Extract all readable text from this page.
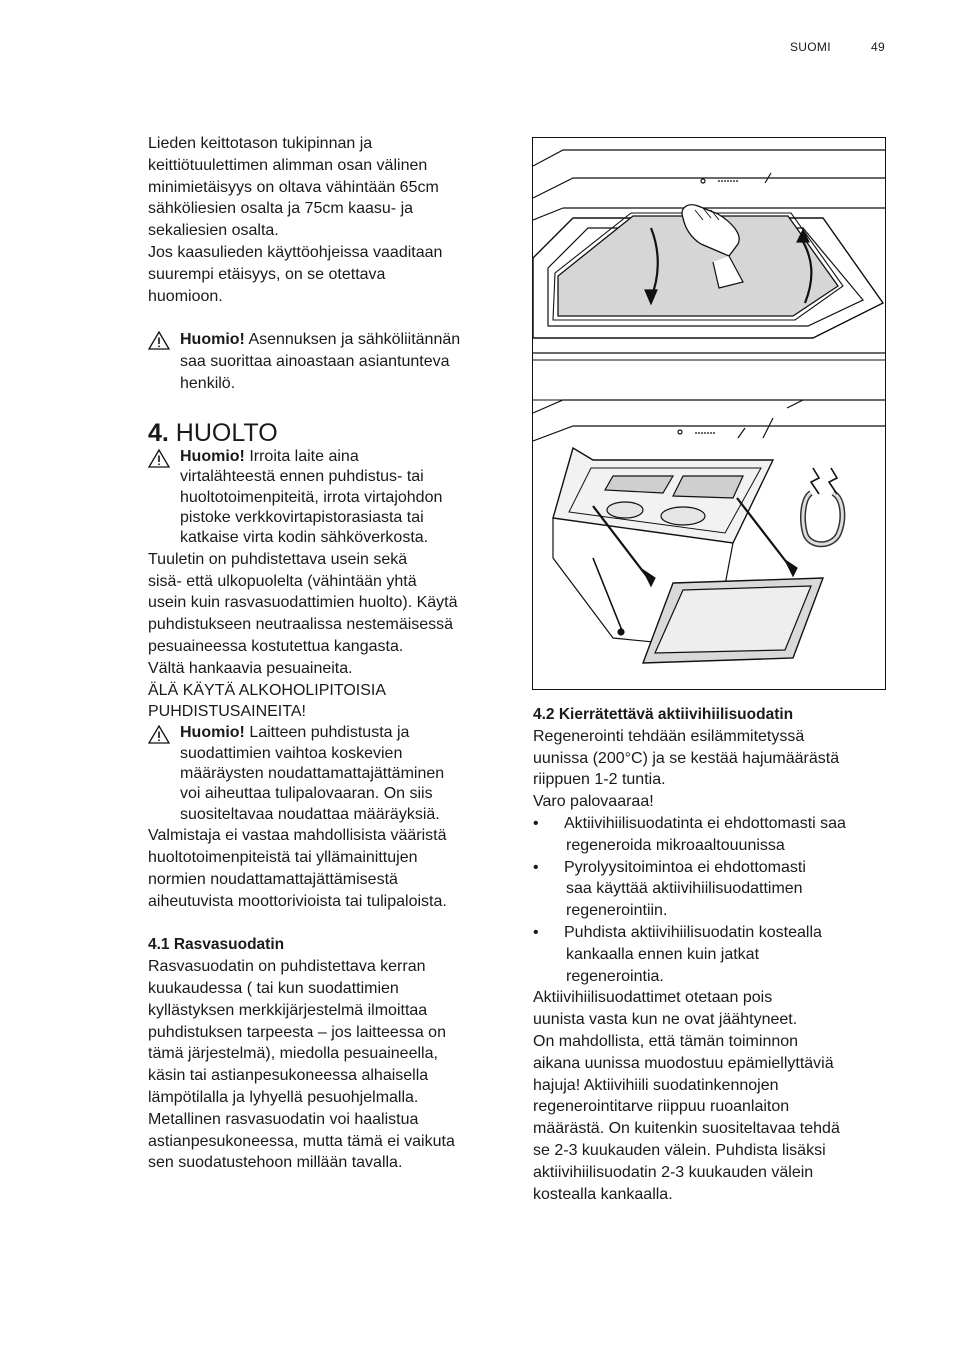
SUOMI	49

Lieden keittotason tukipinnan ja

keittiötuulettimen alimman osan välinen

minimietäisyys on oltava vähintään 65cm

sähköliesien osalta ja 75cm kaasu- ja

sekaliesien osalta.

Jos kaasulieden käyttöohjeissa vaaditaan

suurempi etäisyys, on se otettava

huomioon.

Huomio! Asennuksen ja sähköliitännän

saa suorittaa ainoastaan asiantunteva

henkilö.

4. HUOLTO

Huomio! Irroita laite aina

virtalähteestä ennen puhdistus- tai

huoltotoimenpiteitä, irrota virtajohdon

pistoke verkkovirtapistorasiasta tai

katkaise virta kodin sähköverkosta.

Tuuletin on puhdistettava usein sekä

sisä- että ulkopuolelta (vähintään yhtä

usein kuin rasvasuodattimien huolto). Käytä

puhdistukseen neutraalissa nestemäisessä

pesuaineessa kostutettua kangasta.

Vältä hankaavia pesuaineita.

ÄLÄ KÄYTÄ ALKOHOLIPITOISIA

PUHDISTUSAINEITA!

Huomio! Laitteen puhdistusta ja

suodattimien vaihtoa koskevien

määräysten noudattamattajättäminen

voi aiheuttaa tulipalovaaran. On siis

suositeltavaa noudattaa määräyksiä.

Valmistaja ei vastaa mahdollisista vääristä

huoltotoimenpiteistä tai yllämainittujen

normien noudattamattajättämisestä

aiheutuvista moottorivioista tai tulipaloista.

4.1 Rasvasuodatin

Rasvasuodatin on puhdistettava kerran

kuukaudessa ( tai kun suodattimien

kyllästyksen merkkijärjestelmä ilmoittaa

puhdistuksen tarpeesta – jos laitteessa on

tämä järjestelmä), miedolla pesuaineella,

käsin tai astianpesukoneessa alhaisella

lämpötilalla ja lyhyellä pesuohjelmalla.

Metallinen rasvasuodatin voi haalistua

astianpesukoneessa, mutta tämä ei vaikuta

sen suodatustehoon millään tavalla.

4.2 Kierrätettävä aktiivihiilisuodatin

Regenerointi tehdään esilämmitetyssä

uunissa (200°C) ja se kestää hajumäärästä

riippuen 1-2 tuntia.

Varo palovaaraa!

• Aktiivihiilisuodatinta ei ehdottomasti saa

regeneroida mikroaaltouunissa

• Pyrolyysitoimintoa ei ehdottomasti

saa käyttää aktiivihiilisuodattimen

regenerointiin.

• Puhdista aktiivihiilisuodatin kostealla

kankaalla ennen kuin jatkat

regenerointia.

Aktiivihiilisuodattimet otetaan pois

uunista vasta kun ne ovat jäähtyneet.

On mahdollista, että tämän toiminnon

aikana uunissa muodostuu epämiellyttäviä

hajuja! Aktiivihiili suodatinkennojen

regenerointitarve riippuu ruoanlaiton

määrästä. On kuitenkin suositeltavaa tehdä

se 2-3 kuukauden välein. Puhdista lisäksi

aktiivihiilisuodatin 2-3 kuukauden välein

kostealla kankaalla.
